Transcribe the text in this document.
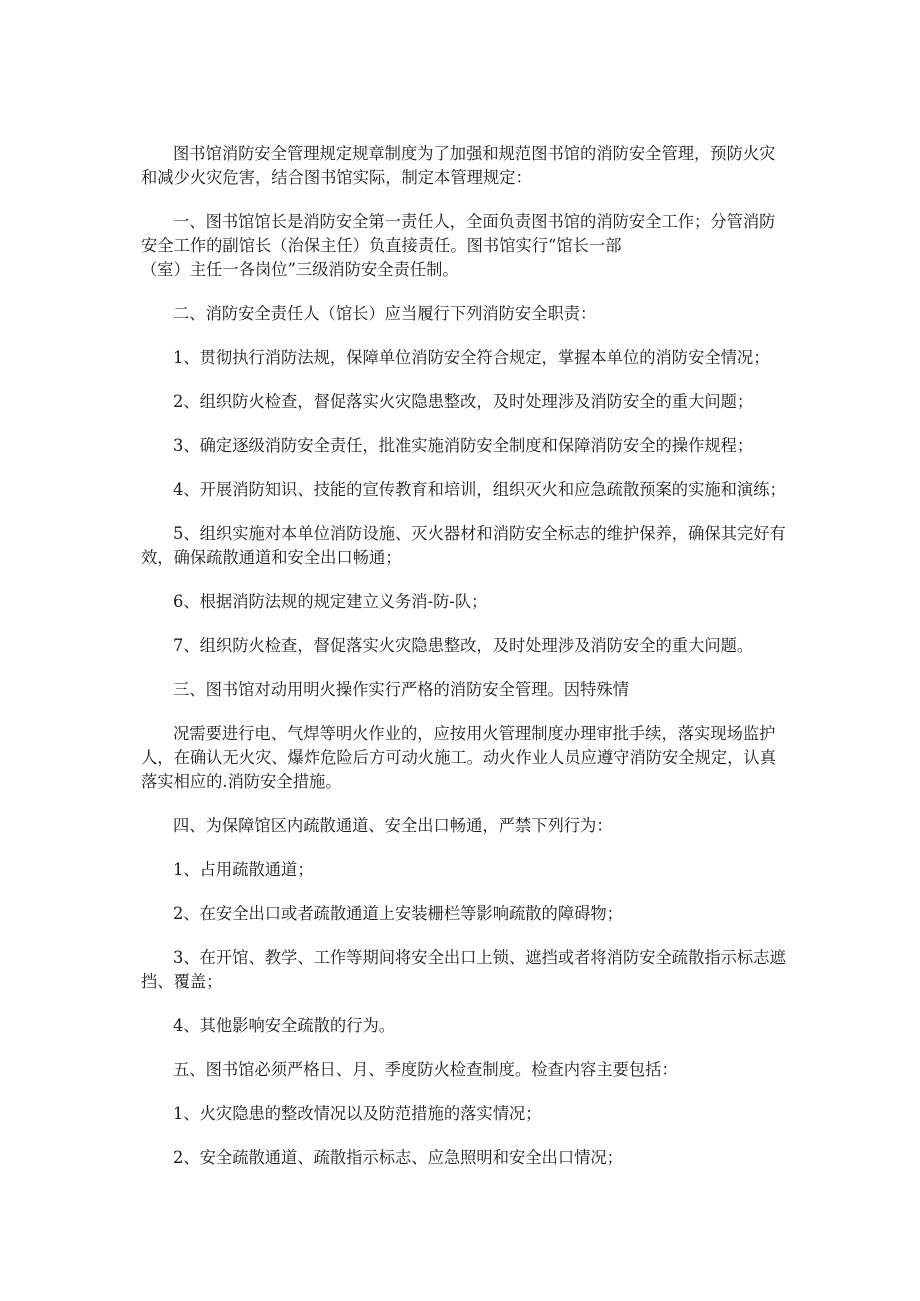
图书馆消防安全管理规定规章制度为了加强和规范图书馆的消防安全管理，预防火灾和减少火灾危害，结合图书馆实际，制定本管理规定：

一、图书馆馆长是消防安全第一责任人，全面负责图书馆的消防安全工作；分管消防安全工作的副馆长（治保主任）负直接责任。图书馆实行“馆长一部
（室）主任一各岗位”三级消防安全责任制。

二、消防安全责任人（馆长）应当履行下列消防安全职责：

1、贯彻执行消防法规，保障单位消防安全符合规定，掌握本单位的消防安全情况；

2、组织防火检查，督促落实火灾隐患整改，及时处理涉及消防安全的重大问题；

3、确定逐级消防安全责任，批准实施消防安全制度和保障消防安全的操作规程；

4、开展消防知识、技能的宣传教育和培训，组织灭火和应急疏散预案的实施和演练；

5、组织实施对本单位消防设施、灭火器材和消防安全标志的维护保养，确保其完好有效，确保疏散通道和安全出口畅通；

6、根据消防法规的规定建立义务消-防-队；

7、组织防火检查，督促落实火灾隐患整改，及时处理涉及消防安全的重大问题。

三、图书馆对动用明火操作实行严格的消防安全管理。因特殊情

况需要进行电、气焊等明火作业的，应按用火管理制度办理审批手续，落实现场监护人，在确认无火灾、爆炸危险后方可动火施工。动火作业人员应遵守消防安全规定，认真落实相应的.消防安全措施。

四、为保障馆区内疏散通道、安全出口畅通，严禁下列行为：

1、占用疏散通道；

2、在安全出口或者疏散通道上安装栅栏等影响疏散的障碍物；

3、在开馆、教学、工作等期间将安全出口上锁、遮挡或者将消防安全疏散指示标志遮挡、覆盖；

4、其他影响安全疏散的行为。

五、图书馆必须严格日、月、季度防火检查制度。检查内容主要包括：

1、火灾隐患的整改情况以及防范措施的落实情况；

2、安全疏散通道、疏散指示标志、应急照明和安全出口情况；
